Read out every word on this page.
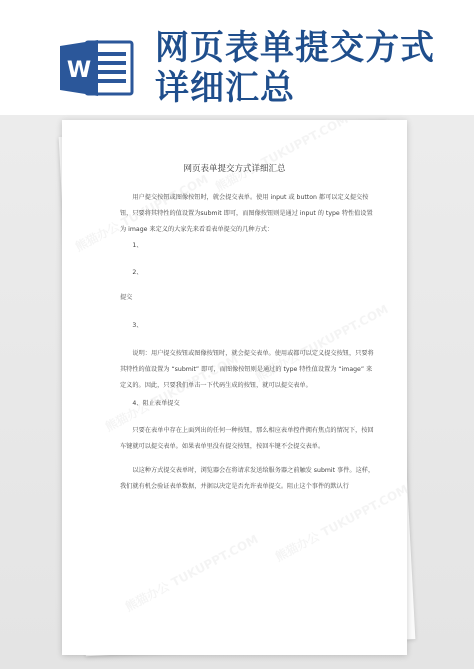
W
网页表单提交方式
详细汇总
网页表单提交方式详细汇总

用户提交按钮或图像按钮时，就会提交表单。使用 input 或 button 都可以定义提交按钮，只要将其特性的值设置为submit 即可，而图像按钮则是通过 input 的 type 特性值设置为 image 来定义的大家先来看看表单提交的几种方式：

1、

2、

提交

3、

说明：用户提交按钮或图像按钮时，就会提交表单。使用或都可以定义提交按钮，只要将其特性的值设置为 “submit” 即可，而图像按钮则是通过的 type 特性值设置为 “image” 来定义的。因此，只要我们单击一下代码生成的按钮，就可以提交表单。

4、阻止表单提交

只要在表单中存在上面列出的任何一种按钮，那么相应表单控件拥有焦点的情况下，按回车键就可以提交表单。如果表单里没有提交按钮，按回车键不会提交表单。

以这种方式提交表单时，浏览器会在将请求发送给服务器之前触发 submit 事件。这样，我们就有机会验证表单数据，并据以决定是否允许表单提交。阻止这个事件的默认行
